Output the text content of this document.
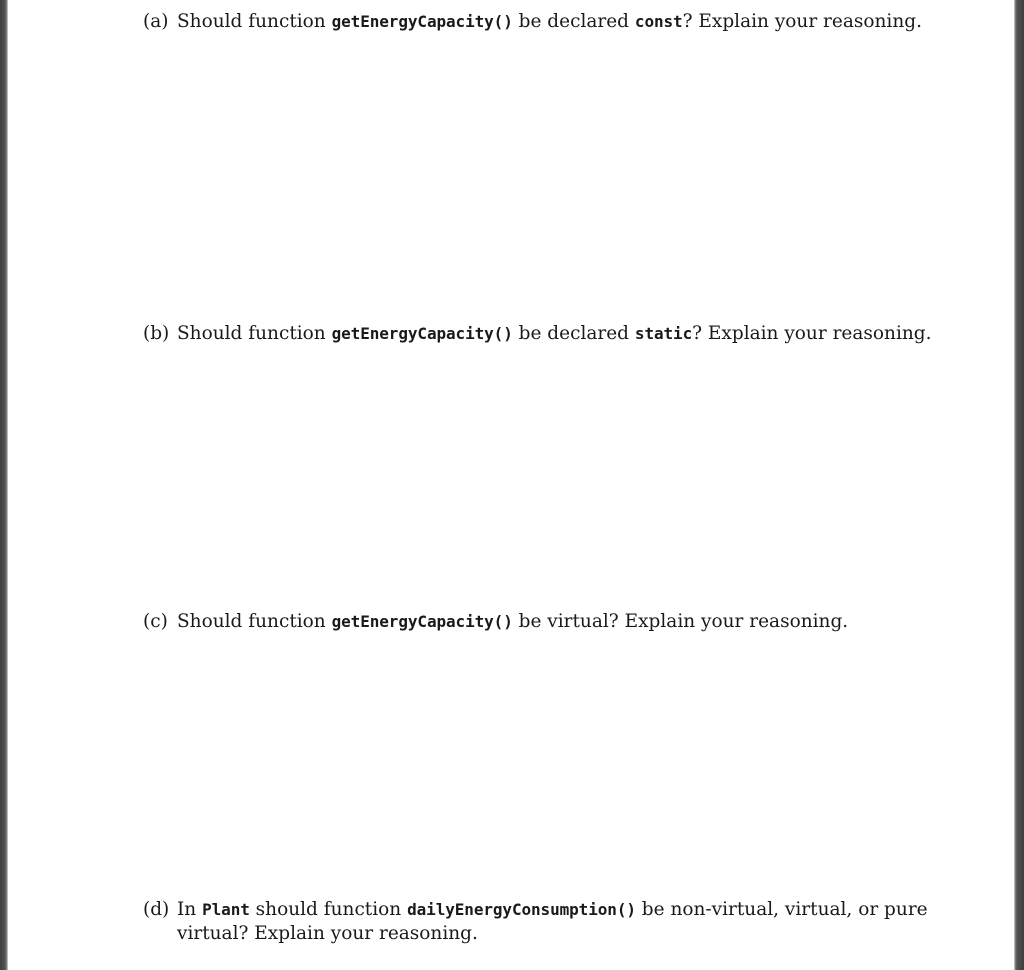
(a) Should function getEnergyCapacity() be declared const? Explain your reasoning.
(b) Should function getEnergyCapacity() be declared static? Explain your reasoning.
(c) Should function getEnergyCapacity() be virtual? Explain your reasoning.
(d) In Plant should function dailyEnergyConsumption() be non-virtual, virtual, or pure virtual? Explain your reasoning.
